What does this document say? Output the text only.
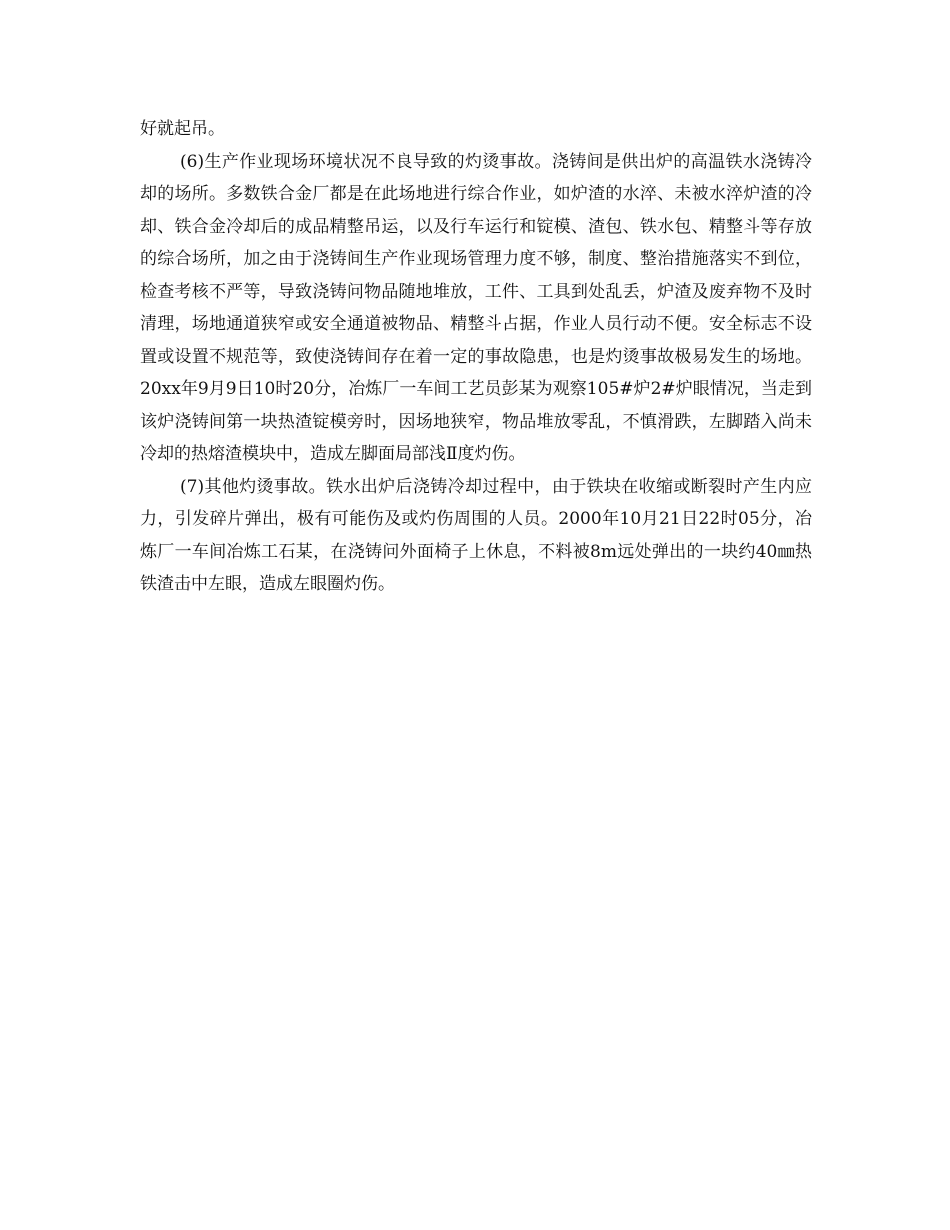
好就起吊。

(6)生产作业现场环境状况不良导致的灼烫事故。浇铸间是供出炉的高温铁水浇铸冷却的场所。多数铁合金厂都是在此场地进行综合作业，如炉渣的水淬、未被水淬炉渣的冷却、铁合金冷却后的成品精整吊运，以及行车运行和锭模、渣包、铁水包、精整斗等存放的综合场所，加之由于浇铸间生产作业现场管理力度不够，制度、整治措施落实不到位，检查考核不严等，导致浇铸问物品随地堆放，工件、工具到处乱丢，炉渣及废弃物不及时清理，场地通道狭窄或安全通道被物品、精整斗占据，作业人员行动不便。安全标志不设置或设置不规范等，致使浇铸间存在着一定的事故隐患，也是灼烫事故极易发生的场地。20xx年9月9日10时20分，冶炼厂一车间工艺员彭某为观察105#炉2#炉眼情况，当走到该炉浇铸间第一块热渣锭模旁时，因场地狭窄，物品堆放零乱，不慎滑跌，左脚踏入尚未冷却的热熔渣模块中，造成左脚面局部浅Ⅱ度灼伤。

(7)其他灼烫事故。铁水出炉后浇铸冷却过程中，由于铁块在收缩或断裂时产生内应力，引发碎片弹出，极有可能伤及或灼伤周围的人员。2000年10月21日22时05分，冶炼厂一车间冶炼工石某，在浇铸问外面椅子上休息，不料被8m远处弹出的一块约40㎜热铁渣击中左眼，造成左眼圈灼伤。
